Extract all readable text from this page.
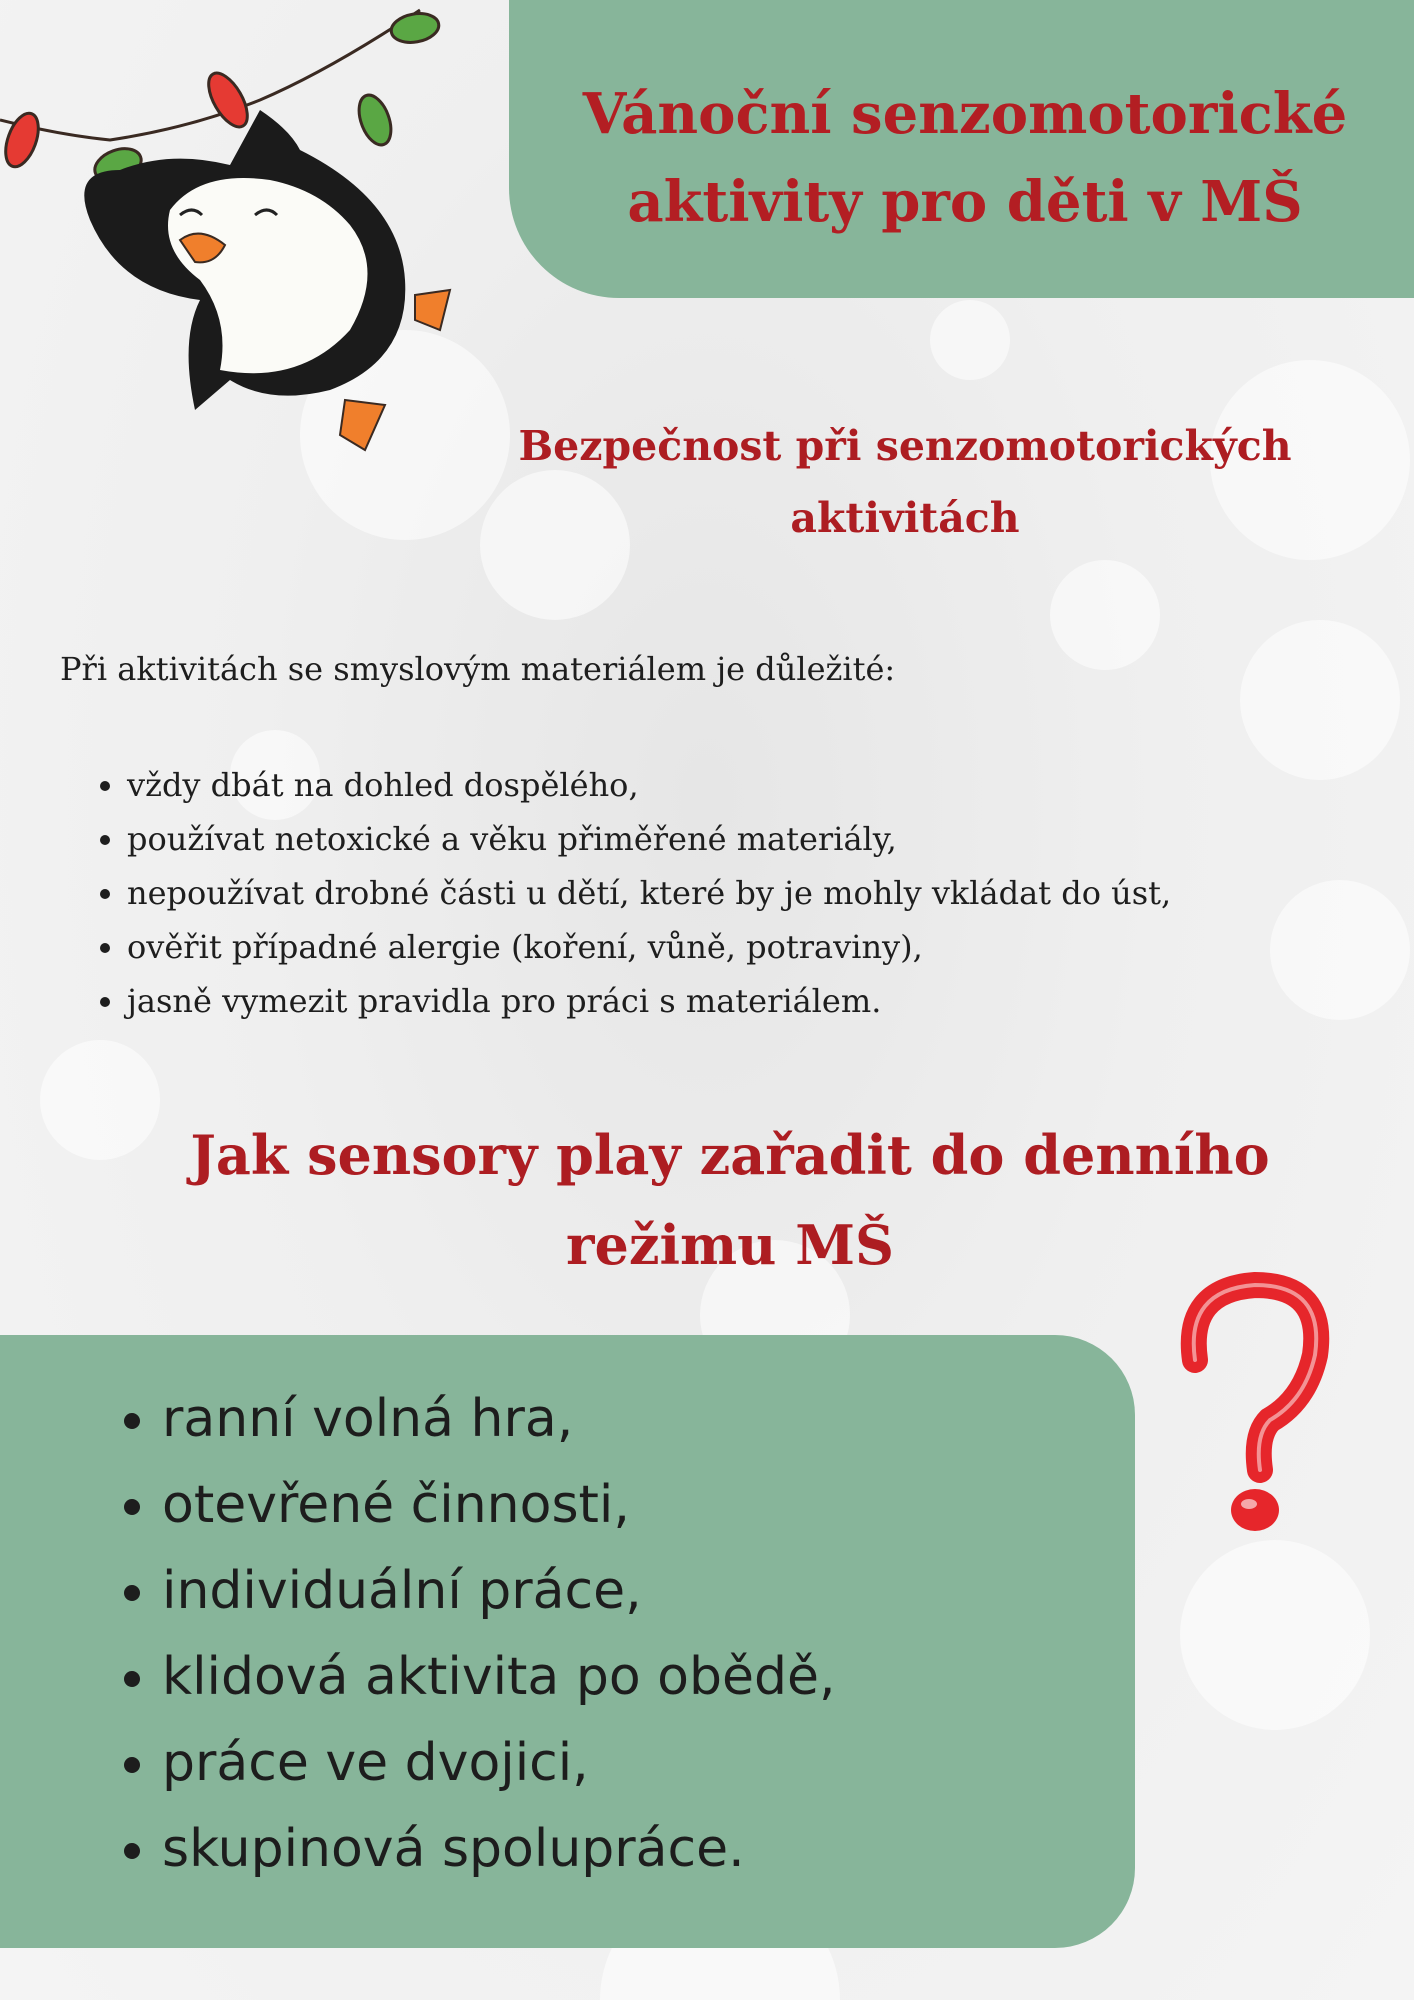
Vánoční senzomotorické
aktivity pro děti v MŠ
Bezpečnost při senzomotorických
aktivitách

Při aktivitách se smyslovým materiálem je důležité:

• vždy dbát na dohled dospělého,
• používat netoxické a věku přiměřené materiály,
• nepoužívat drobné části u dětí, které by je mohly vkládat do úst,
• ověřit případné alergie (koření, vůně, potraviny),
• jasně vymezit pravidla pro práci s materiálem.
Jak sensory play zařadit do denního
režimu MŠ
• ranní volná hra,
• otevřené činnosti,
• individuální práce,
• klidová aktivita po obědě,
• práce ve dvojici,
• skupinová spolupráce.
